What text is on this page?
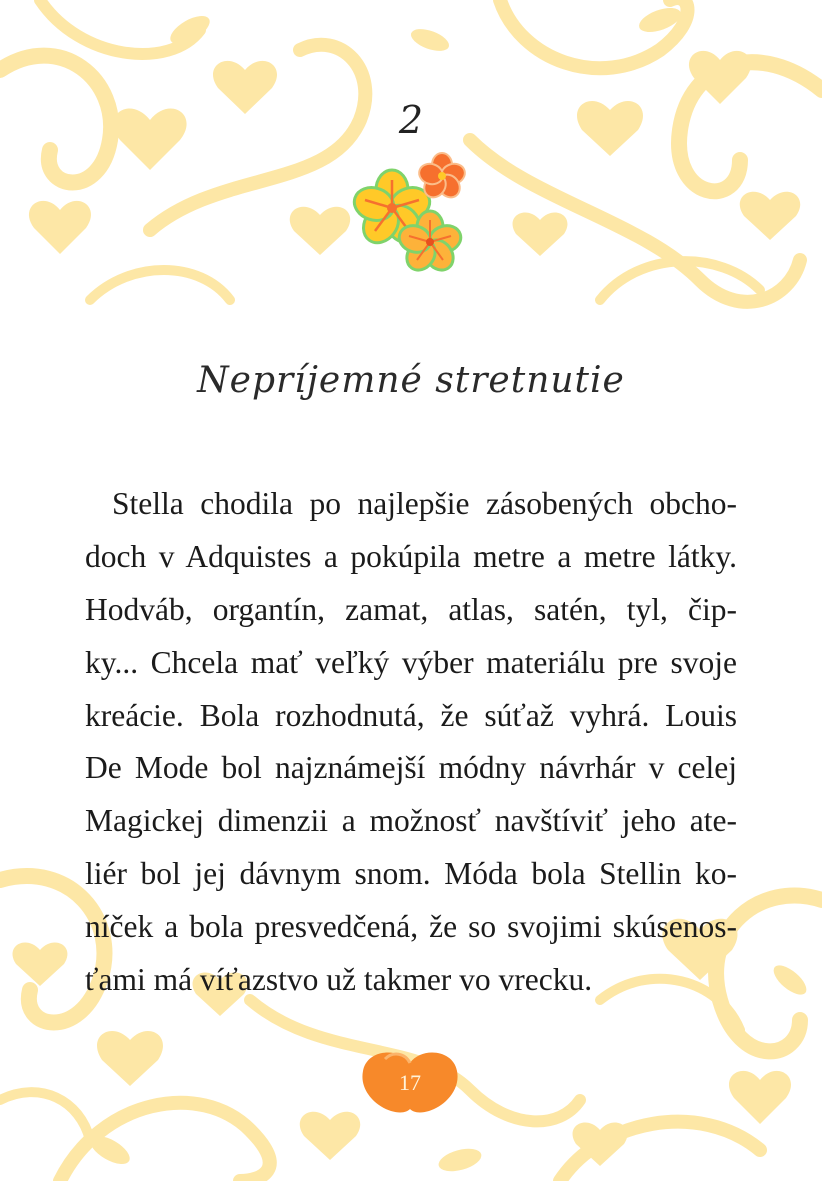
2
Nepríjemné stretnutie
Stella chodila po najlepšie zásobených obcho-
doch v Adquistes a pokúpila metre a metre látky.
Hodváb, organtín, zamat, atlas, satén, tyl, čip-
ky... Chcela mať veľký výber materiálu pre svoje
kreácie. Bola rozhodnutá, že súťaž vyhrá. Louis
De Mode bol najznámejší módny návrhár v celej
Magickej dimenzii a možnosť navštíviť jeho ate-
liér bol jej dávnym snom. Móda bola Stellin ko-
níček a bola presvedčená, že so svojimi skúsenos-
ťami má víťazstvo už takmer vo vrecku.
17
